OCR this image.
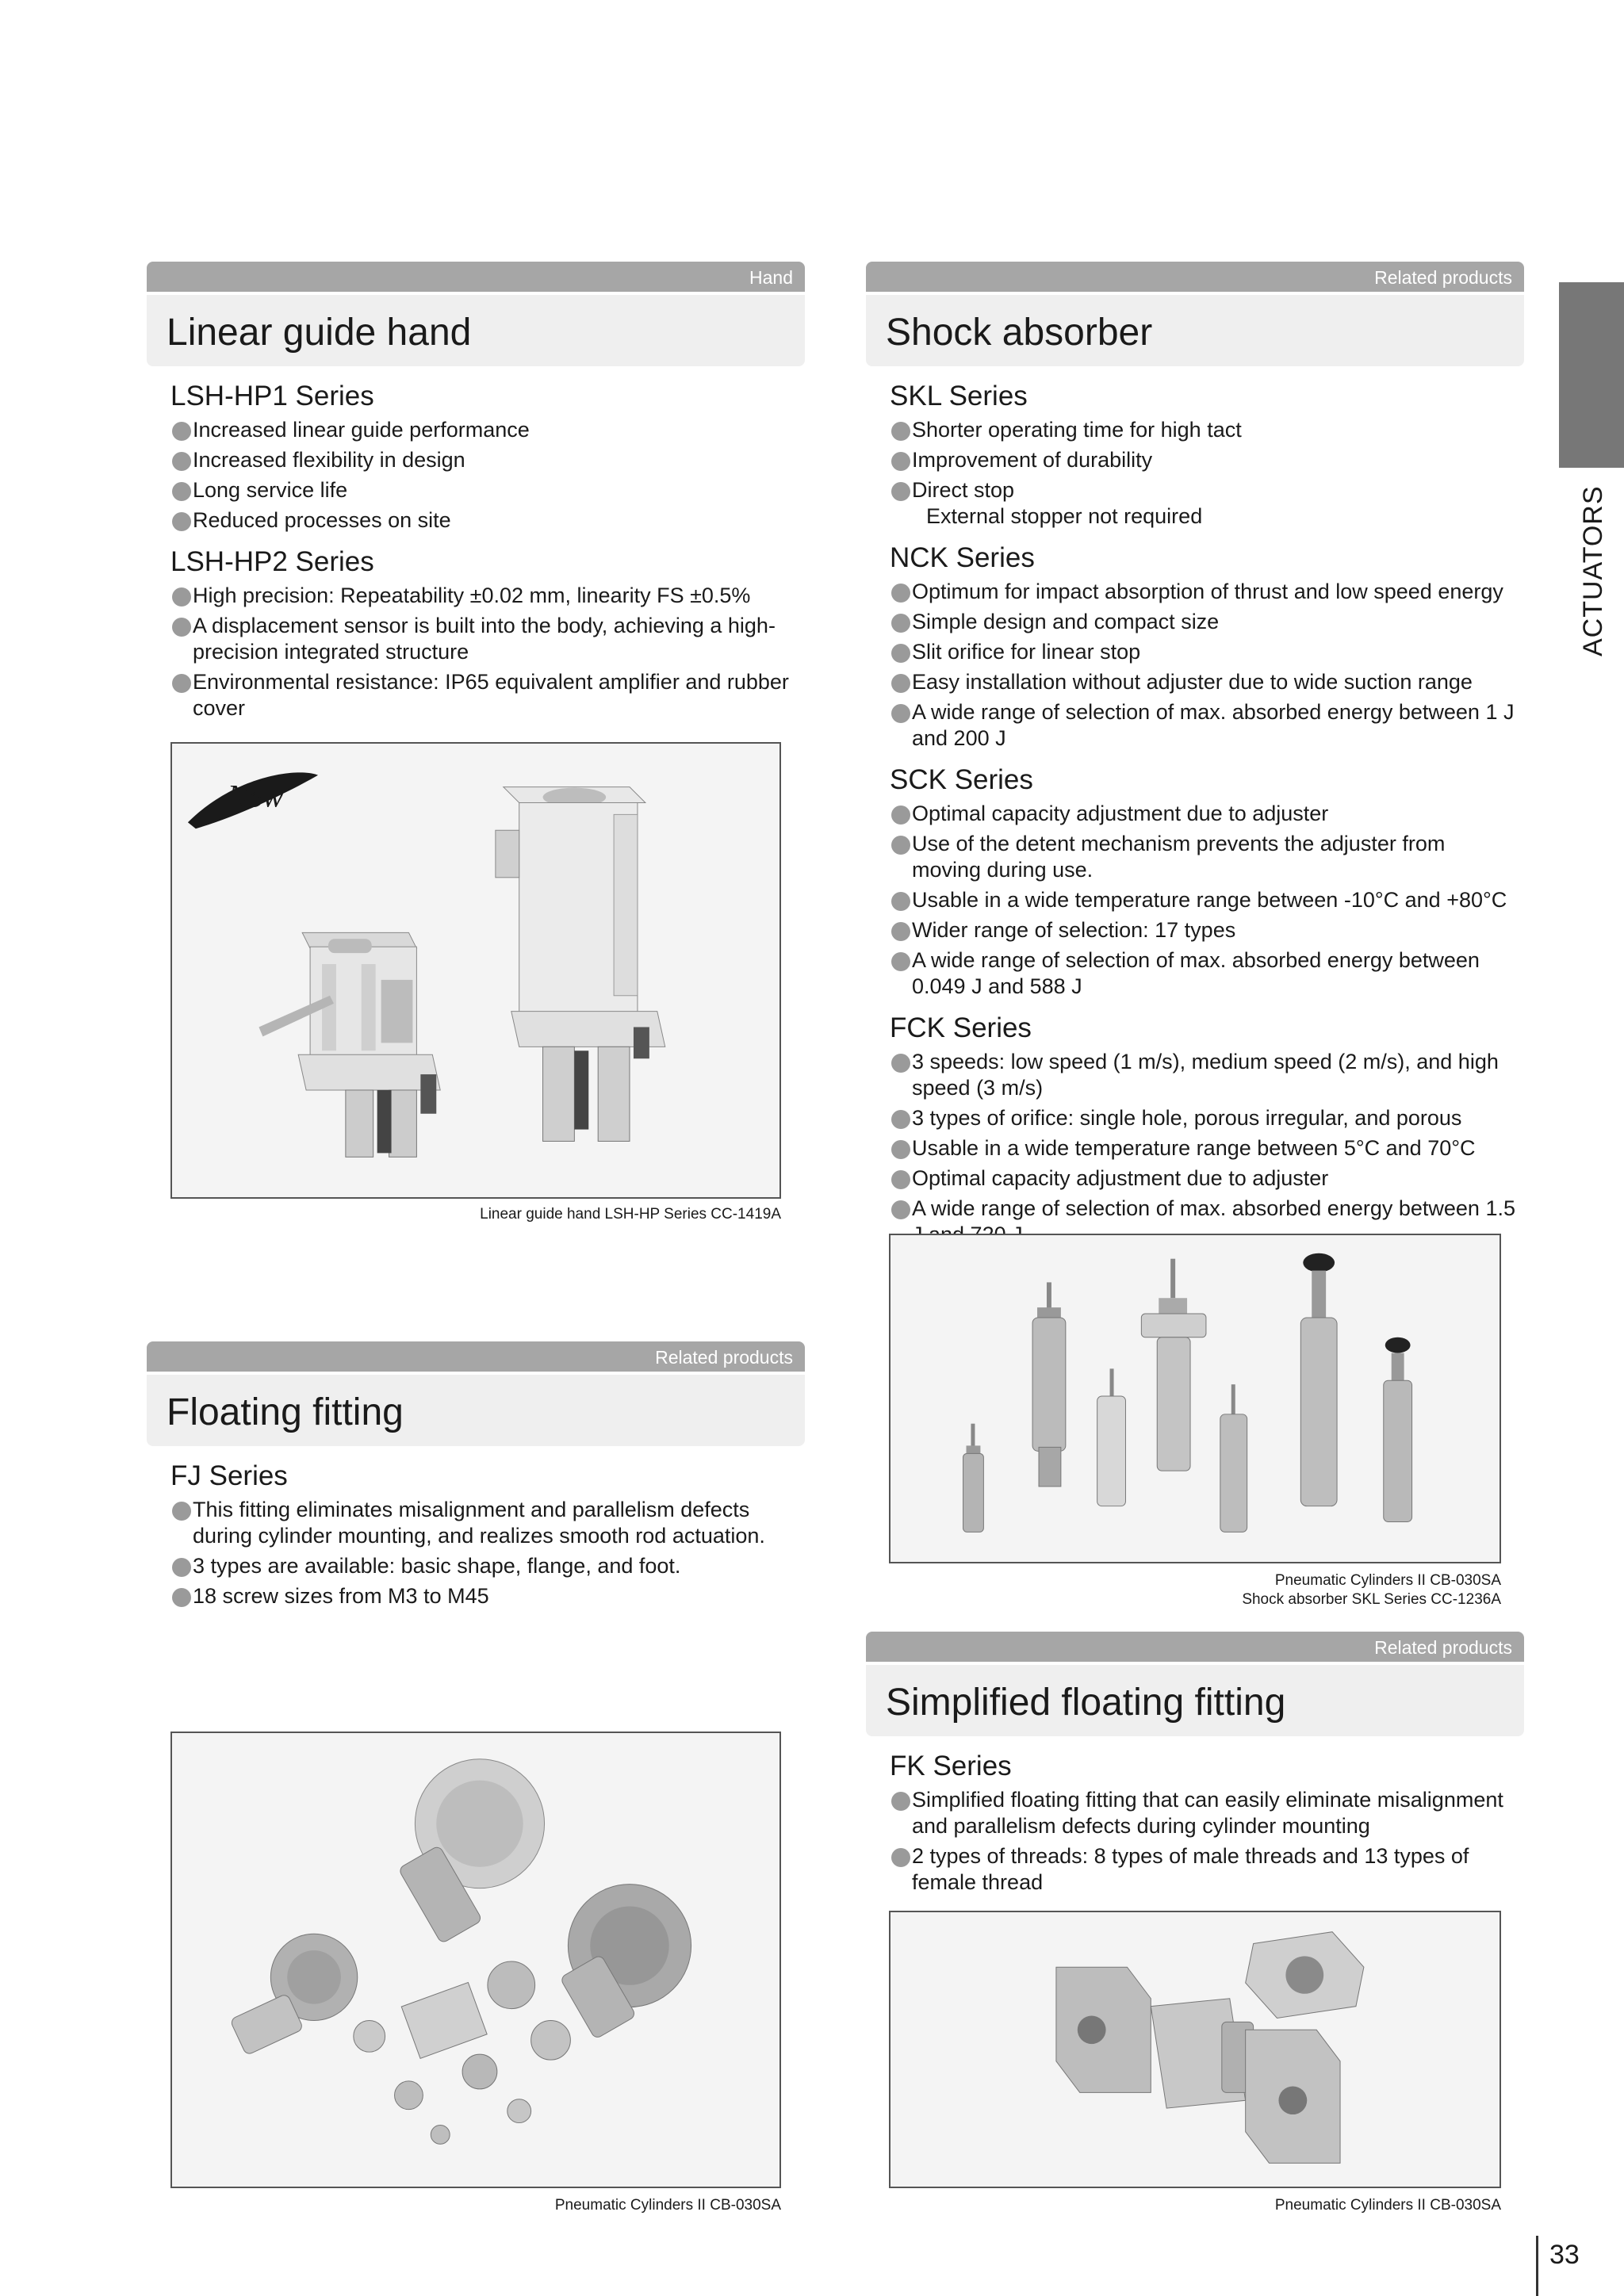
ACTUATORS
Hand
Linear guide hand
LSH-HP1 Series
Increased linear guide performance
Increased flexibility in design
Long service life
Reduced processes on site
LSH-HP2 Series
High precision: Repeatability ±0.02 mm, linearity FS ±0.5%
A displacement sensor is built into the body, achieving a high-precision integrated structure
Environmental resistance: IP65 equivalent amplifier and rubber cover
New
Linear guide hand LSH-HP Series CC-1419A
Related products
Shock absorber
SKL Series
Shorter operating time for high tact
Improvement of durability
Direct stop
External stopper not required
NCK Series
Optimum for impact absorption of thrust and low speed energy
Simple design and compact size
Slit orifice for linear stop
Easy installation without adjuster due to wide suction range
A wide range of selection of max. absorbed energy between 1 J and 200 J
SCK Series
Optimal capacity adjustment due to adjuster
Use of the detent mechanism prevents the adjuster from moving during use.
Usable in a wide temperature range between -10°C and +80°C
Wider range of selection: 17 types
A wide range of selection of max. absorbed energy between 0.049 J and 588 J
FCK Series
3 speeds: low speed (1 m/s), medium speed (2 m/s), and high speed (3 m/s)
3 types of orifice: single hole, porous irregular, and porous
Usable in a wide temperature range between 5°C and 70°C
Optimal capacity adjustment due to adjuster
A wide range of selection of max. absorbed energy between 1.5
Pneumatic Cylinders II CB-030SA
Shock absorber SKL Series CC-1236A
Related products
Floating fitting
FJ Series
This fitting eliminates misalignment and parallelism defects during cylinder mounting, and realizes smooth rod actuation.
3 types are available: basic shape, flange, and foot.
18 screw sizes from M3 to M45
Pneumatic Cylinders II CB-030SA
Related products
Simplified floating fitting
FK Series
Simplified floating fitting that can easily eliminate misalignment and parallelism defects during cylinder mounting
2 types of threads: 8 types of male threads and 13 types of female thread
Pneumatic Cylinders II CB-030SA
33
